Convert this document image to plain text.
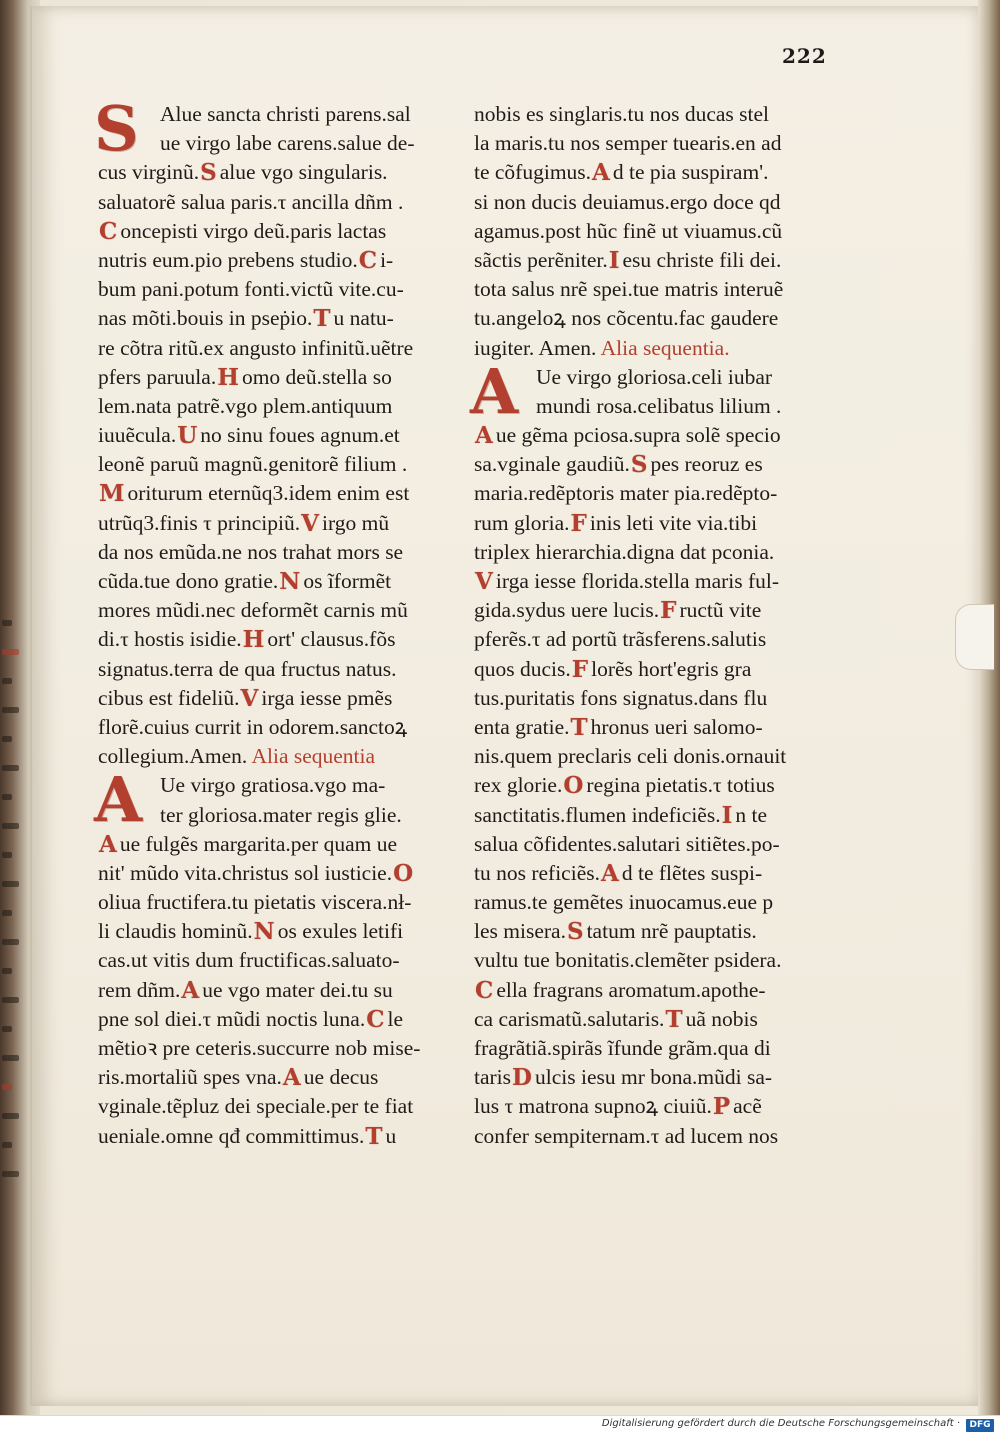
222
S Alue sancta christi parens.sal
ue virgo labe carens.salue de-
cus virginũ.S alue vgo singularis.
saluatorẽ salua paris.τ ancilla dñm .
C oncepisti virgo deũ.paris lactas
nutris eum.pio prebens studio.C i-
bum pani.potum fonti.victũ vite.cu-
nas mõti.bouis in pseṗio.T u natu-
re cõtra ritũ.ex angusto infinitũ.uẽtre
pfers paruula.H omo deũ.stella so
lem.nata patrẽ.vgo plem.antiquum
iuuẽcula.U no sinu foues agnum.et
leonẽ paruũ magnũ.genitorẽ filium .
M oriturum eternũq3.idem enim est
utrũq3.finis τ principiũ.V irgo mũ
da nos emũda.ne nos trahat mors se
cũda.tue dono gratie.N os ĩformẽt
mores mũdi.nec deformẽt carnis mũ
di.τ hostis isidie.H ort' clausus.fõs
signatus.terra de qua fructus natus.
cibus est fideliũ.V irga iesse pmẽs
florẽ.cuius currit in odorem.sanctoꝝ
collegium.Amen. Alia sequentia
A Ue virgo gratiosa.vgo ma-
ter gloriosa.mater regis glie.
A ue fulgẽs margarita.per quam ue
nit' mũdo vita.christus sol iusticie.O
oliua fructifera.tu pietatis viscera.nł-
li claudis hominũ.N os exules letifi
cas.ut vitis dum fructificas.saluato-
rem dñm.A ue vgo mater dei.tu su
pne sol diei.τ mũdi noctis luna.C le
mẽtioꝛ pre ceteris.succurre nob mise-
ris.mortaliũ spes vna.A ue decus
vginale.tẽpluz dei speciale.per te fiat
ueniale.omne qđ committimus.T u
nobis es singlaris.tu nos ducas stel
la maris.tu nos semper tuearis.en ad
te cõfugimus.A d te pia suspiram'.
si non ducis deuiamus.ergo doce qd
agamus.post hũc finẽ ut viuamus.cũ
sãctis perẽniter.I esu christe fili dei.
tota salus nrẽ spei.tue matris interuẽ
tu.angeloꝝ nos cõcentu.fac gaudere
iugiter. Amen. Alia sequentia.
A Ue virgo gloriosa.celi iubar
mundi rosa.celibatus lilium .
A ue gẽma pciosa.supra solẽ specio
sa.vginale gaudiũ.S pes reoruz es
maria.redẽptoris mater pia.redẽpto-
rum gloria.F inis leti vite via.tibi
triplex hierarchia.digna dat pconia.
V irga iesse florida.stella maris ful-
gida.sydus uere lucis.F ructũ vite
pferẽs.τ ad portũ trãsferens.salutis
quos ducis.F lorẽs hort'egris gra
tus.puritatis fons signatus.dans flu
enta gratie.T hronus ueri salomo-
nis.quem preclaris celi donis.ornauit
rex glorie.O regina pietatis.τ totius
sanctitatis.flumen indeficiẽs.I n te
salua cõfidentes.salutari sitiẽtes.po-
tu nos reficiẽs.A d te flẽtes suspi-
ramus.te gemẽtes inuocamus.eue p
les misera.S tatum nrẽ pauptatis.
vultu tue bonitatis.clemẽter psidera.
C ella fragrans aromatum.apothe-
ca carismatũ.salutaris.T uã nobis
fragrãtiã.spirãs ĩfunde grãm.qua di
tarisD ulcis iesu mr bona.mũdi sa-
lus τ matrona supnoꝝ ciuiũ.P acẽ
confer sempiternam.τ ad lucem nos
Digitalisierung gefördert durch die Deutsche Forschungsgemeinschaft ·	DFG
